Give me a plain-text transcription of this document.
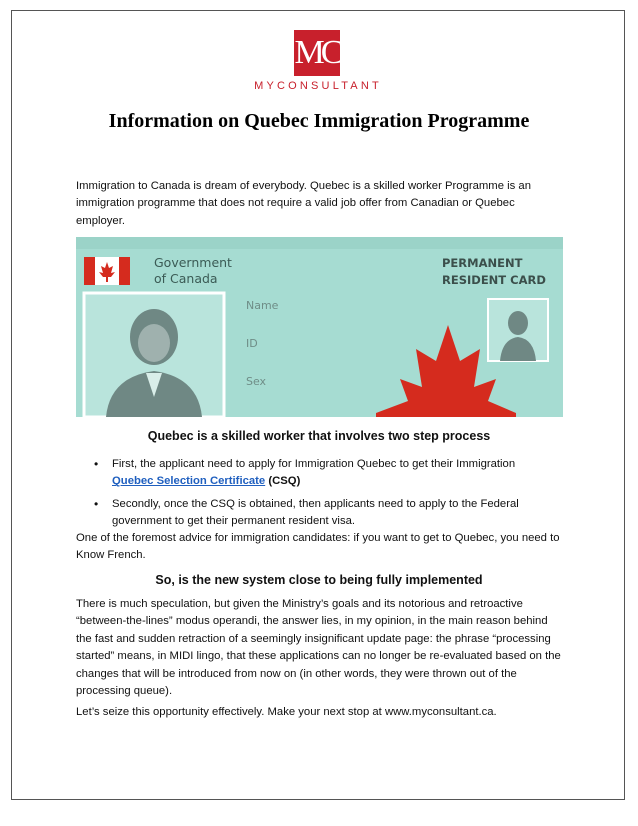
MC
MYCONSULTANT
Information on Quebec Immigration Programme

Immigration to Canada is dream of everybody. Quebec is a skilled worker Programme is an immigration programme that does not require a valid job offer from Canadian or Quebec employer.

Government
of Canada
PERMANENT
RESIDENT CARD
Name
ID
Sex
Quebec is a skilled worker that involves two step process
• First, the applicant need to apply for Immigration Quebec to get their Immigration
Quebec Selection Certificate (CSQ)
• Secondly, once the CSQ is obtained, then applicants need to apply to the Federal government to get their permanent resident visa.

One of the foremost advice for immigration candidates: if you want to get to Quebec, you need to Know French.

So, is the new system close to being fully implemented

There is much speculation, but given the Ministry’s goals and its notorious and retroactive “between-the-lines” modus operandi, the answer lies, in my opinion, in the main reason behind the fast and sudden retraction of a seemingly insignificant update page: the phrase “processing started” means, in MIDI lingo, that these applications can no longer be re-evaluated based on the changes that will be introduced from now on (in other words, they were thrown out of the processing queue).

Let’s seize this opportunity effectively. Make your next stop at www.myconsultant.ca.
